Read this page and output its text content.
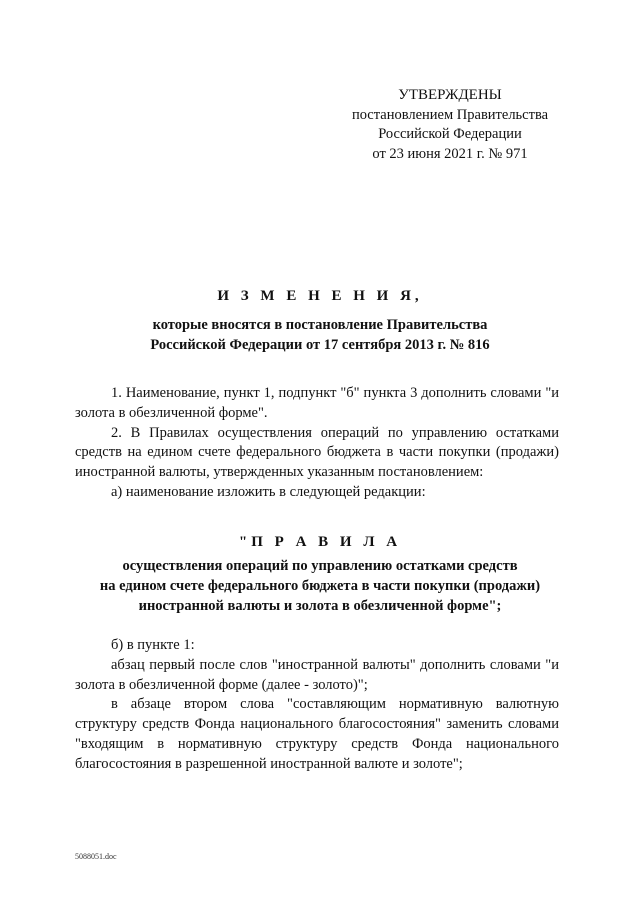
УТВЕРЖДЕНЫ
постановлением Правительства
Российской Федерации
от 23 июня 2021 г. № 971
И З М Е Н Е Н И Я,
которые вносятся в постановление Правительства
Российской Федерации от 17 сентября 2013 г. № 816

1. Наименование, пункт 1, подпункт "б" пункта 3 дополнить словами "и золота в обезличенной форме".

2. В Правилах осуществления операций по управлению остатками средств на едином счете федерального бюджета в части покупки (продажи) иностранной валюты, утвержденных указанным постановлением:

а) наименование изложить в следующей редакции:

"П Р А В И Л А
осуществления операций по управлению остатками средств
на едином счете федерального бюджета в части покупки (продажи)
иностранной валюты и золота в обезличенной форме";

б) в пункте 1:

абзац первый после слов "иностранной валюты" дополнить словами "и золота в обезличенной форме (далее - золото)";

в абзаце втором слова "составляющим нормативную валютную структуру средств Фонда национального благосостояния" заменить словами "входящим в нормативную структуру средств Фонда национального благосостояния в разрешенной иностранной валюте и золоте";

5088051.doc
